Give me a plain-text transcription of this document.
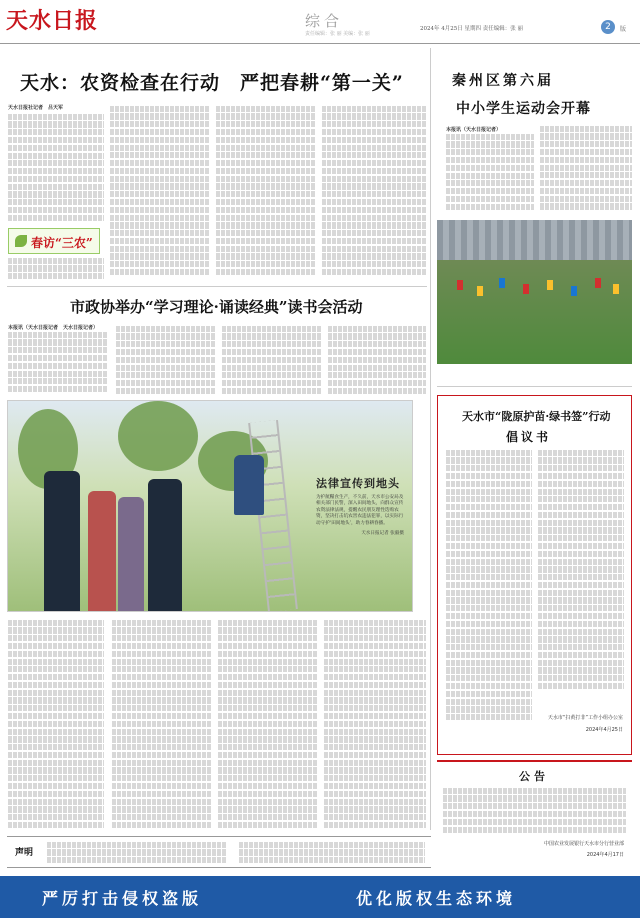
天水日报	综合
责任编辑：张 丽 美编：张 丽
2024年 4月25日 星期四 责任编辑：张 丽	2	版
天水：农资检查在行动　严把春耕“第一关”
天水日报社记者　吕天军
春访“三农”
市政协举办“学习理论·诵读经典”读书会活动
本报讯（天水日报记者　天水日报记者）
法律宣传到地头
为护航糧食生产，不久前，天水市公安局及相关部门民警，深入田间地头，向群众宣传农资法律法规，提醒农民朋友理性选购农资，坚决打击坑农害农违法犯罪，以实际行动守护‘田间地头’，助力春耕春播。
天水日报记者 张毅摄
秦州区第六届
中小学生运动会开幕
本报讯（天水日报记者）
天水市“陇原护苗·绿书签”行动
倡议书
天水市“扫黄打非”工作小组办公室
2024年4月25日
公告
中国农业发展银行天水市分行营业部
2024年4月17日
声明
严厉打击侵权盗版	优化版权生态环境
